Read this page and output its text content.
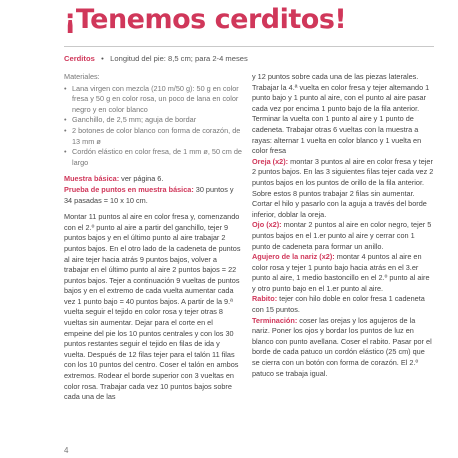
¡Tenemos cerditos!
Cerditos • Longitud del pie: 8,5 cm; para 2-4 meses
Materiales:
• Lana virgen con mezcla (210 m/50 g): 50 g en color fresa y 50 g en color rosa, un poco de lana en color negro y en color blanco
• Ganchillo, de 2,5 mm; aguja de bordar
• 2 botones de color blanco con forma de corazón, de 13 mm ø
• Cordón elástico en color fresa, de 1 mm ø, 50 cm de largo
Muestra básica: ver página 6.
Prueba de puntos en muestra básica: 30 puntos y 34 pasadas = 10 x 10 cm.

Montar 11 puntos al aire en color fresa y, comenzando con el 2.º punto al aire a partir del ganchillo, tejer 9 puntos bajos y en el último punto al aire trabajar 2 puntos bajos. En el otro lado de la cadeneta de puntos al aire tejer hacia atrás 9 puntos bajos, volver a trabajar en el último punto al aire 2 puntos bajos = 22 puntos bajos. Tejer a continuación 9 vueltas de puntos bajos y en el extremo de cada vuelta aumentar cada vez 1 punto bajo = 40 puntos bajos. A partir de la 9.ª vuelta seguir el tejido en color rosa y tejer otras 8 vueltas sin aumentar. Dejar para el corte en el empeine del pie los 10 puntos centrales y con los 30 puntos restantes seguir el tejido en filas de ida y vuelta. Después de 12 filas tejer para el talón 11 filas con los 10 puntos del centro. Coser el talón en ambos extremos. Rodear el borde superior con 3 vueltas en color rosa. Trabajar cada vez 10 puntos bajos sobre cada una de las

y 12 puntos sobre cada una de las piezas laterales. Trabajar la 4.ª vuelta en color fresa y tejer altemando 1 punto bajo y 1 punto al aire, con el punto al aire pasar cada vez por encima 1 punto bajo de la fila anterior. Terminar la vuelta con 1 punto al aire y 1 punto de cadeneta. Trabajar otras 6 vueltas con la muestra a rayas: alternar 1 vuelta en color blanco y 1 vuelta en color fresa

Oreja (x2): montar 3 puntos al aire en color fresa y tejer 2 puntos bajos. En las 3 siguientes filas tejer cada vez 2 puntos bajos en los puntos de orillo de la fila anterior. Sobre estos 8 puntos trabajar 2 filas sin aumentar. Cortar el hilo y pasarlo con la aguja a través del borde inferior, doblar la oreja.

Ojo (x2): montar 2 puntos al aire en color negro, tejer 5 puntos bajos en el 1.er punto al aire y cerrar con 1 punto de cadeneta para formar un anillo.

Agujero de la nariz (x2): montar 4 puntos al aire en color rosa y tejer 1 punto bajo hacia atrás en el 3.er punto al aire, 1 medio bastoncillo en el 2.º punto al aire y otro punto bajo en el 1.er punto al aire.

Rabito: tejer con hilo doble en color fresa 1 cadeneta con 15 puntos.

Terminación: coser las orejas y los agujeros de la nariz. Poner los ojos y bordar los puntos de luz en blanco con punto avellana. Coser el rabito. Pasar por el borde de cada patuco un cordón elástico (25 cm) que se cierra con un botón con forma de corazón. El 2.º patuco se trabaja igual.

4
